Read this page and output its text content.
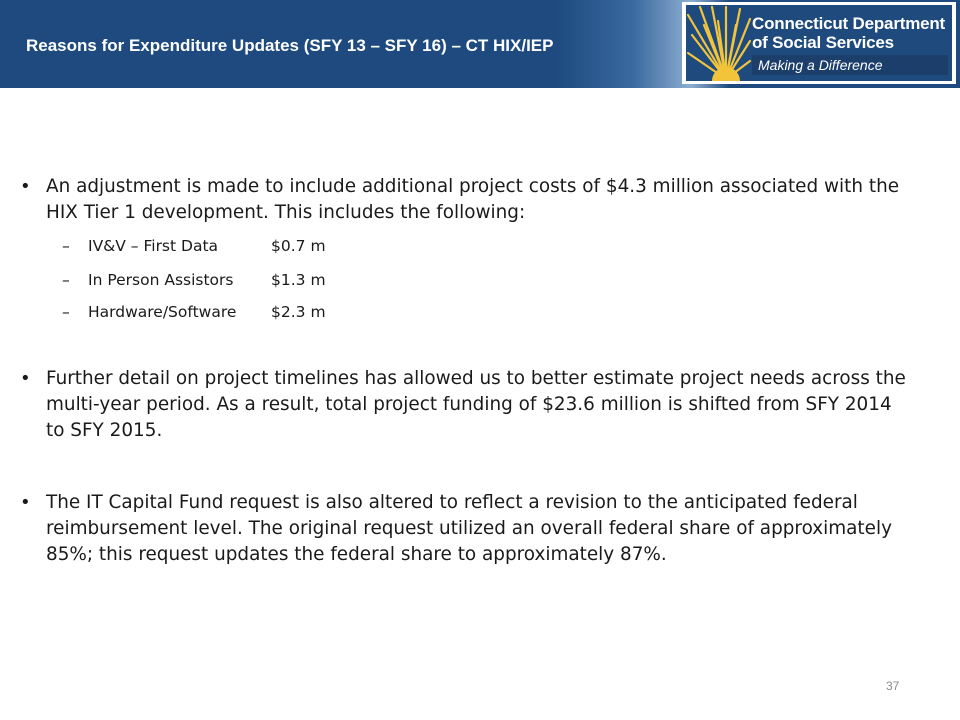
Reasons for Expenditure Updates (SFY 13 – SFY 16) – CT HIX/IEP
Connecticut Department
of Social Services
Making a Difference
• An adjustment is made to include additional project costs of $4.3 million associated with the HIX Tier 1 development. This includes the following:
– IV&V – First Data	$0.7 m
– In Person Assistors $1.3 m
– Hardware/Software $2.3 m
• Further detail on project timelines has allowed us to better estimate project needs across the multi-year period. As a result, total project funding of $23.6 million is shifted from SFY 2014 to SFY 2015.
• The IT Capital Fund request is also altered to reflect a revision to the anticipated federal reimbursement level. The original request utilized an overall federal share of approximately 85%; this request updates the federal share to approximately 87%.
37
